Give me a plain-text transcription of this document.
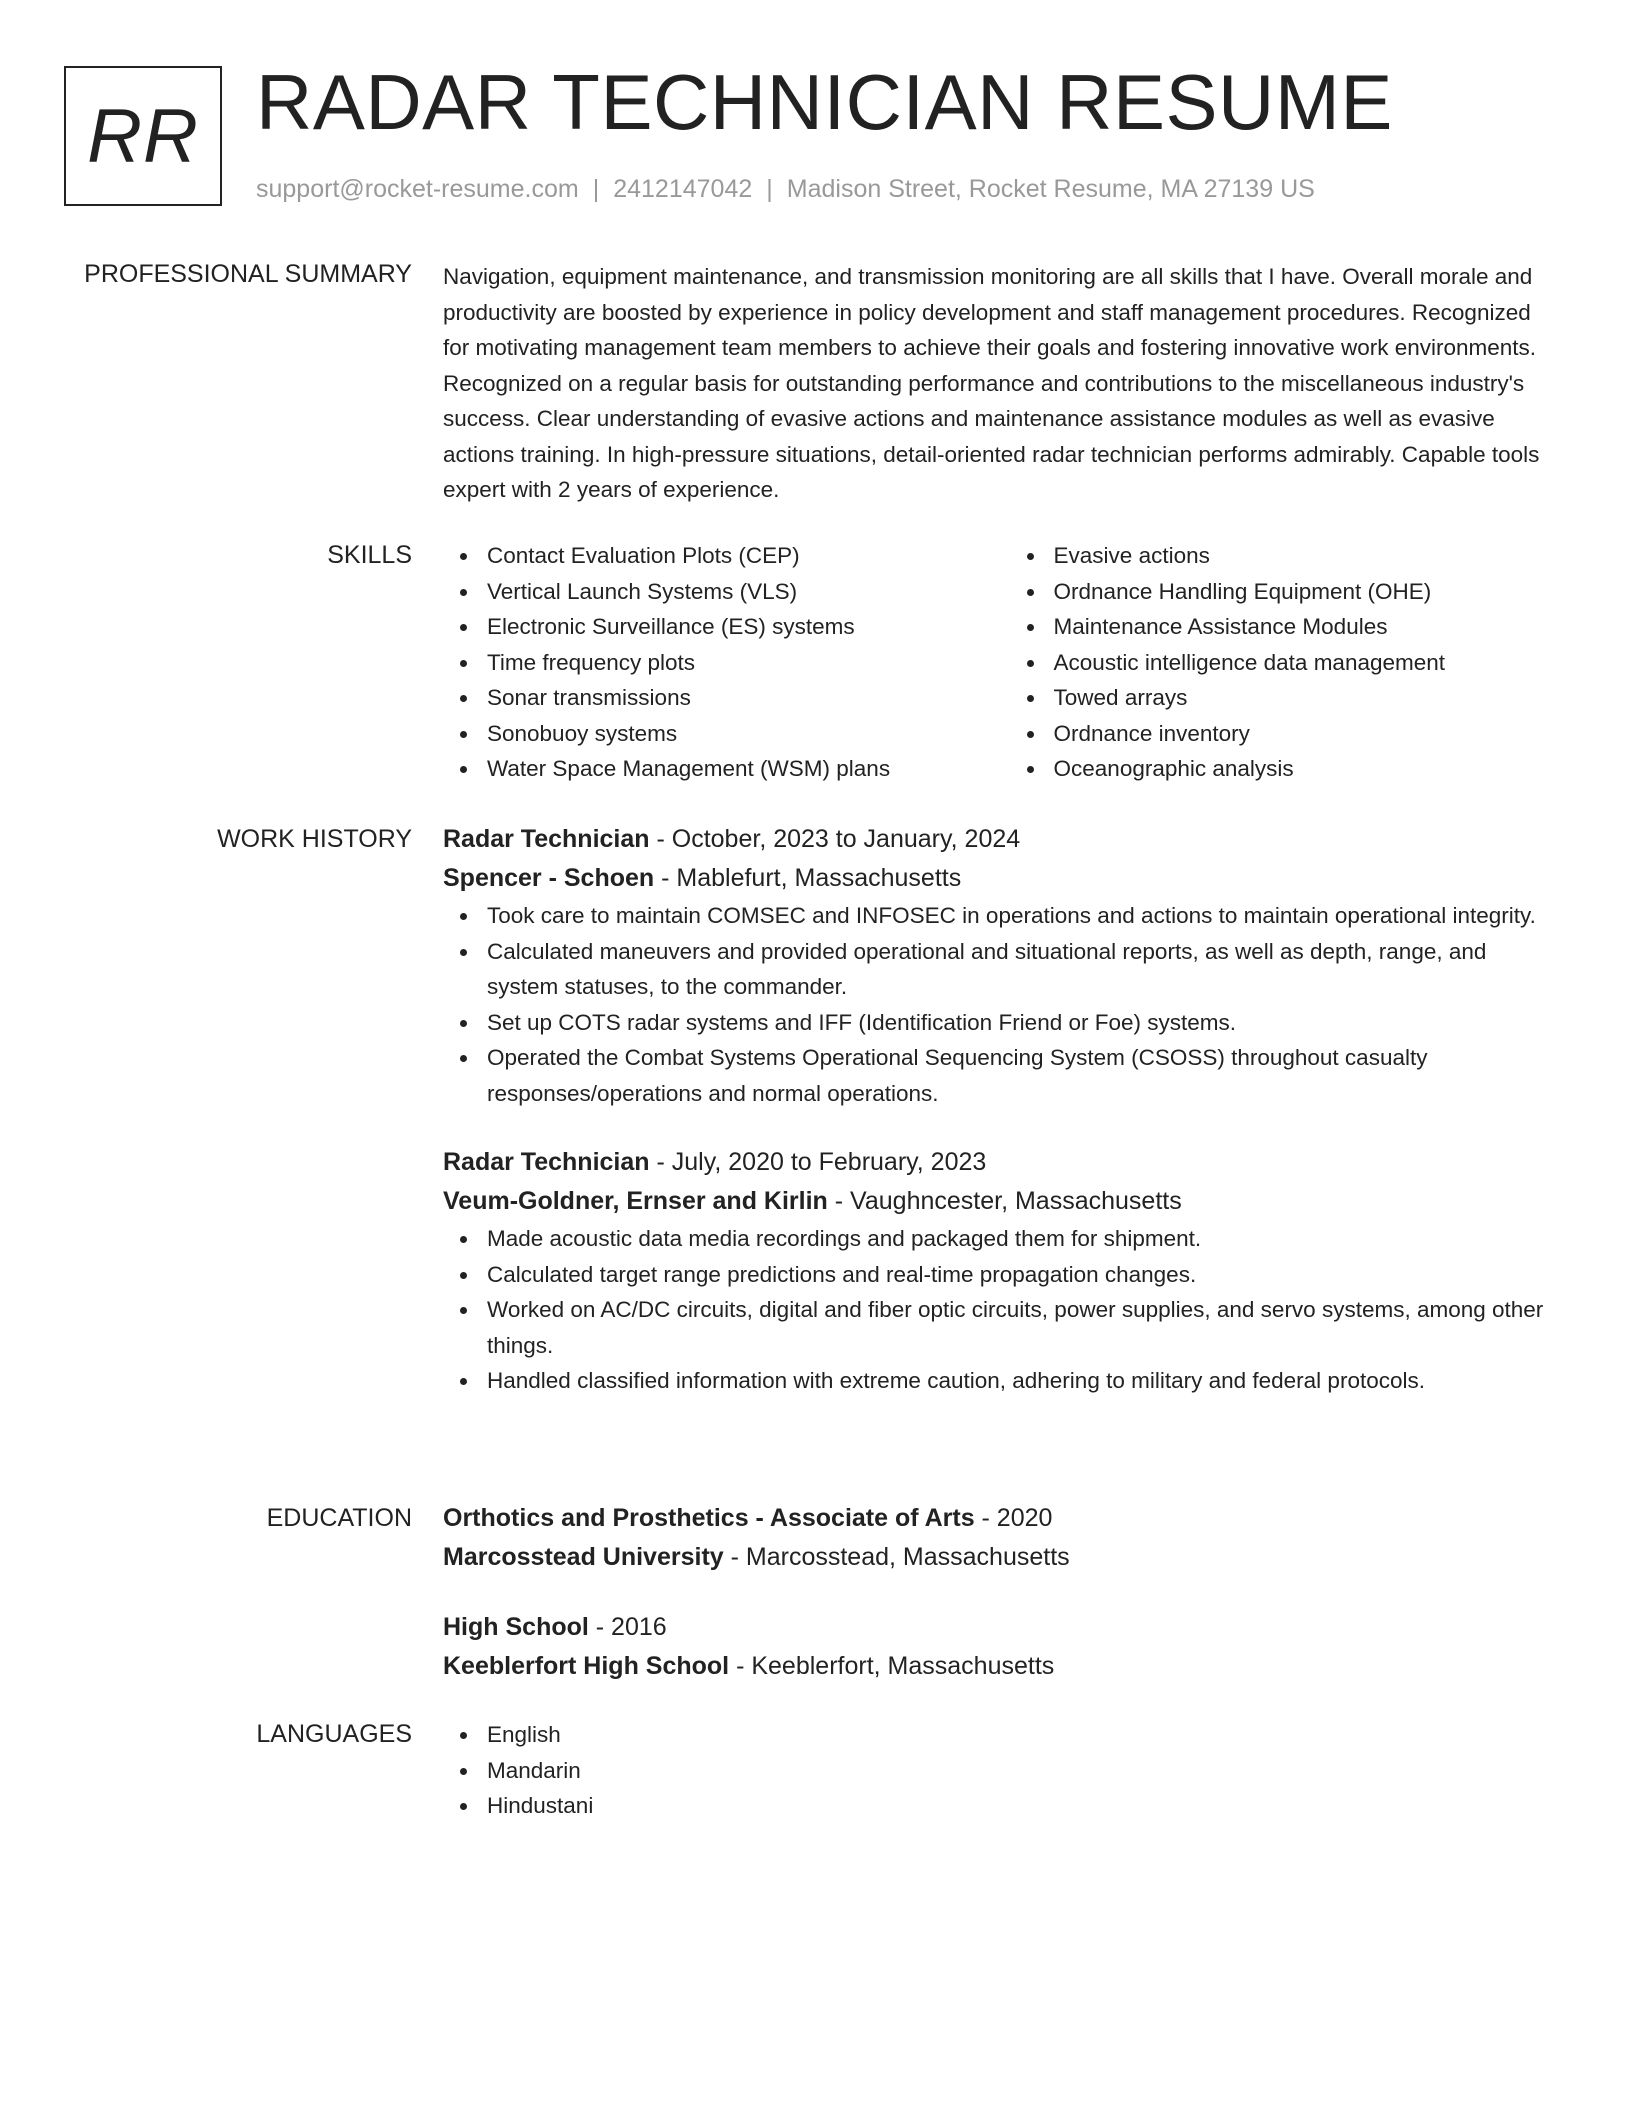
RR RADAR TECHNICIAN RESUME
support@rocket-resume.com | 2412147042 | Madison Street, Rocket Resume, MA 27139 US
PROFESSIONAL SUMMARY Navigation, equipment maintenance, and transmission monitoring are all skills that I have. Overall morale and productivity are boosted by experience in policy development and staff management procedures. Recognized for motivating management team members to achieve their goals and fostering innovative work environments. Recognized on a regular basis for outstanding performance and contributions to the miscellaneous industry's success. Clear understanding of evasive actions and maintenance assistance modules as well as evasive actions training. In high-pressure situations, detail-oriented radar technician performs admirably. Capable tools expert with 2 years of experience.

SKILLS	Contact Evaluation Plots (CEP)
Vertical Launch Systems (VLS)
Electronic Surveillance (ES) systems
Time frequency plots
Sonar transmissions
Sonobuoy systems
Water Space Management (WSM) plans
Evasive actions
Ordnance Handling Equipment (OHE)
Maintenance Assistance Modules
Acoustic intelligence data management
Towed arrays
Ordnance inventory
Oceanographic analysis
WORK HISTORY Radar Technician - October, 2023 to January, 2024
Spencer - Schoen - Mablefurt, Massachusetts
Took care to maintain COMSEC and INFOSEC in operations and actions to maintain operational integrity.
Calculated maneuvers and provided operational and situational reports, as well as depth, range, and system statuses, to the commander.
Set up COTS radar systems and IFF (Identification Friend or Foe) systems.
Operated the Combat Systems Operational Sequencing System (CSOSS) throughout casualty responses/operations and normal operations.
Radar Technician - July, 2020 to February, 2023
Veum-Goldner, Ernser and Kirlin - Vaughncester, Massachusetts
Made acoustic data media recordings and packaged them for shipment.
Calculated target range predictions and real-time propagation changes.
Worked on AC/DC circuits, digital and fiber optic circuits, power supplies, and servo systems, among other things.
Handled classified information with extreme caution, adhering to military and federal protocols.
EDUCATION Orthotics and Prosthetics - Associate of Arts - 2020
Marcosstead University - Marcosstead, Massachusetts
High School - 2016
Keeblerfort High School - Keeblerfort, Massachusetts
LANGUAGES	English
Mandarin
Hindustani
